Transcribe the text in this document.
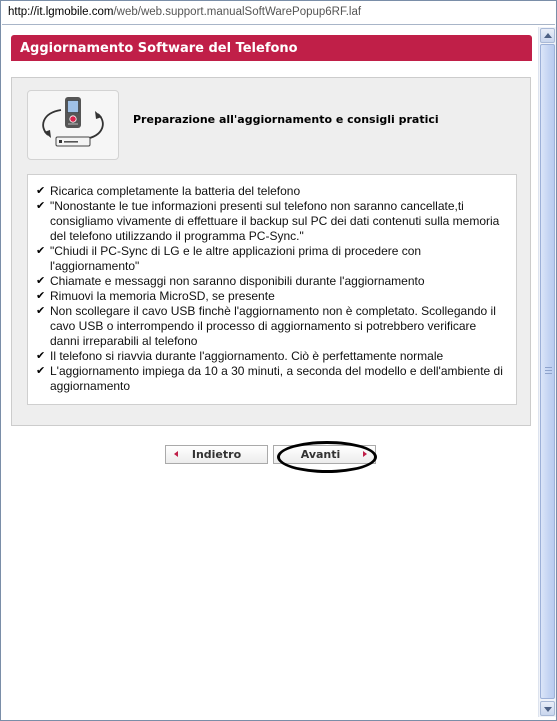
http://it.lgmobile.com/web/web.support.manualSoftWarePopup6RF.laf
Aggiornamento Software del Telefono
Preparazione all'aggiornamento e consigli pratici
✔ Ricarica completamente la batteria del telefono
✔ "Nonostante le tue informazioni presenti sul telefono non saranno cancellate,ti consigliamo vivamente di effettuare il backup sul PC dei dati contenuti sulla memoria del telefono utilizzando il programma PC-Sync."
✔ "Chiudi il PC-Sync di LG e le altre applicazioni prima di procedere con l'aggiornamento"
✔ Chiamate e messaggi non saranno disponibili durante l'aggiornamento
✔ Rimuovi la memoria MicroSD, se presente
✔ Non scollegare il cavo USB finchè l'aggiornamento non è completato. Scollegando il cavo USB o interrompendo il processo di aggiornamento si potrebbero verificare danni irreparabili al telefono
✔ Il telefono si riavvia durante l'aggiornamento. Ciò è perfettamente normale
✔ L'aggiornamento impiega da 10 a 30 minuti, a seconda del modello e dell'ambiente di aggiornamento
Indietro	Avanti
